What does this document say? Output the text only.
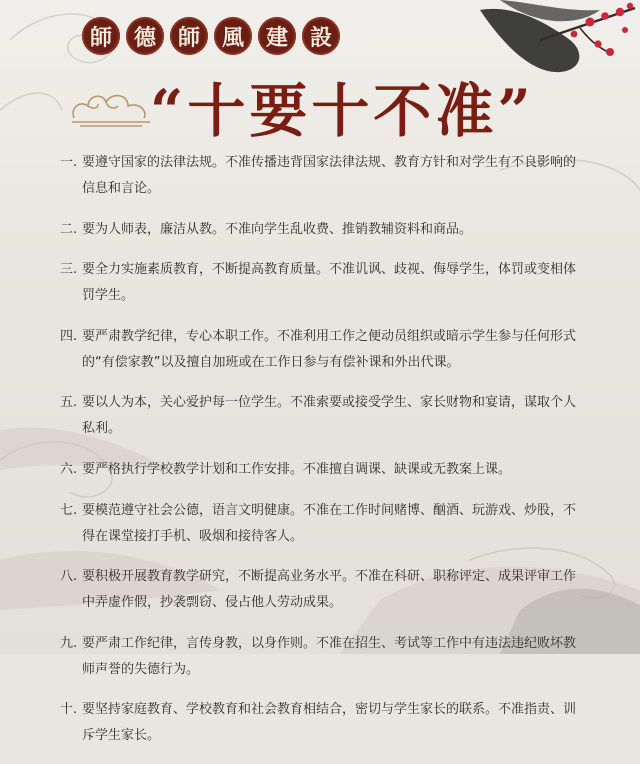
師 德 師 風 建 設
“十要十不准”
一. 要遵守国家的法律法规。不准传播违背国家法律法规、教育方针和对学生有不良影响的信息和言论。
二. 要为人师表，廉洁从教。不准向学生乱收费、推销教辅资料和商品。
三. 要全力实施素质教育，不断提高教育质量。不准讥讽、歧视、侮辱学生，体罚或变相体罚学生。
四. 要严肃教学纪律，专心本职工作。不准利用工作之便动员组织或暗示学生参与任何形式的“有偿家教”以及擅自加班或在工作日参与有偿补课和外出代课。
五. 要以人为本，关心爱护每一位学生。不准索要或接受学生、家长财物和宴请，谋取个人私利。
六. 要严格执行学校教学计划和工作安排。不准擅自调课、缺课或无教案上课。
七. 要模范遵守社会公德，语言文明健康。不准在工作时间赌博、酗酒、玩游戏、炒股，不得在课堂接打手机、吸烟和接待客人。
八. 要积极开展教育教学研究，不断提高业务水平。不准在科研、职称评定、成果评审工作中弄虚作假，抄袭剽窃、侵占他人劳动成果。
九. 要严肃工作纪律，言传身教，以身作则。不准在招生、考试等工作中有违法违纪败坏教师声誉的失德行为。
十. 要坚持家庭教育、学校教育和社会教育相结合，密切与学生家长的联系。不准指责、训斥学生家长。
